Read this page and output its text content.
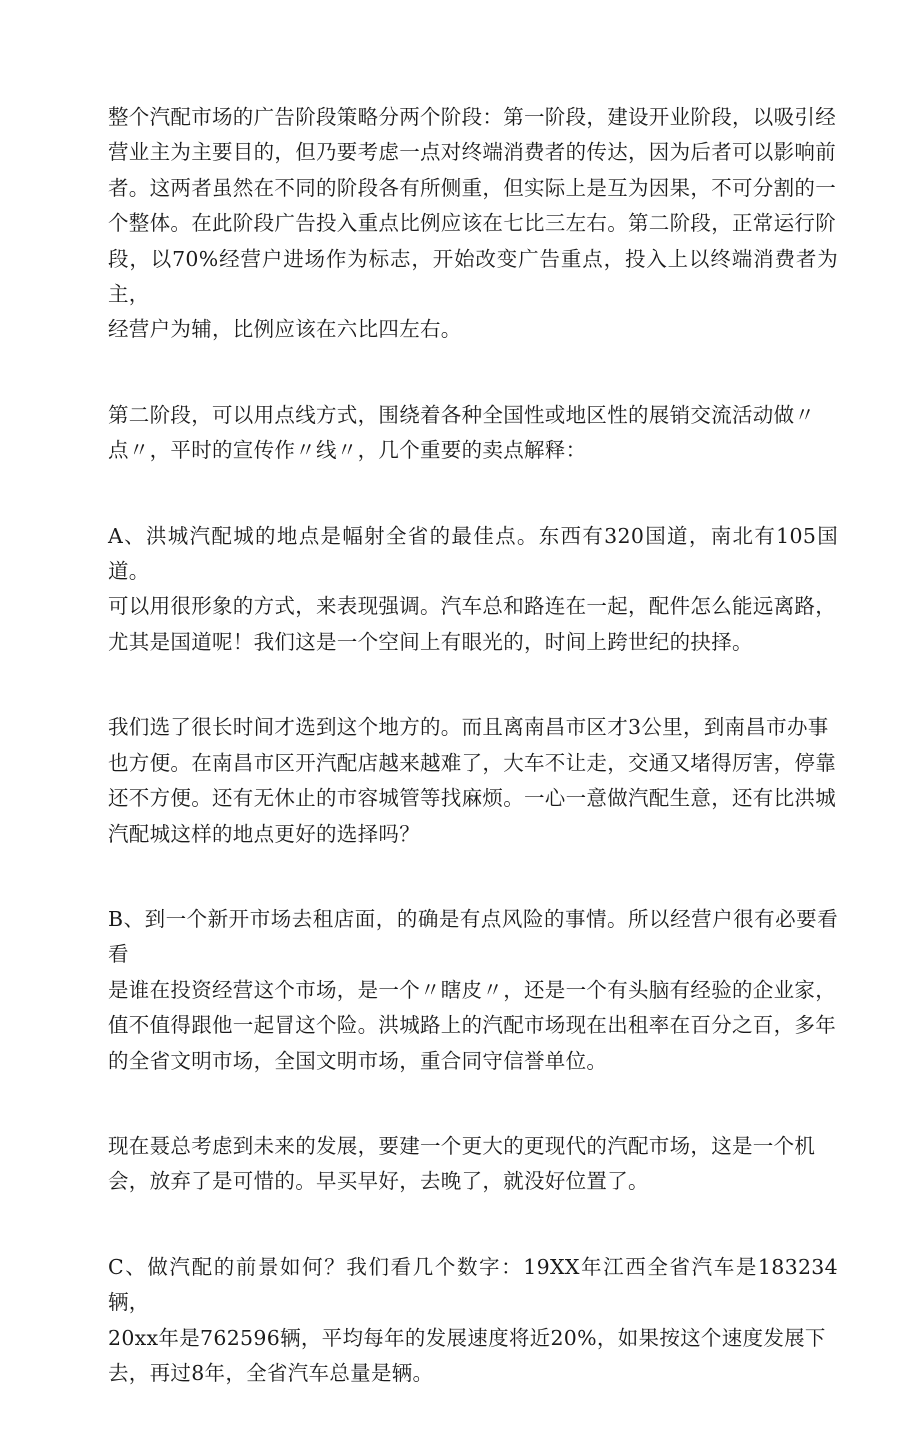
整个汽配市场的广告阶段策略分两个阶段：第一阶段，建设开业阶段，以吸引经
营业主为主要目的，但乃要考虑一点对终端消费者的传达，因为后者可以影响前
者。这两者虽然在不同的阶段各有所侧重，但实际上是互为因果，不可分割的一
个整体。在此阶段广告投入重点比例应该在七比三左右。第二阶段，正常运行阶
段，以70%经营户进场作为标志，开始改变广告重点，投入上以终端消费者为主，
经营户为辅，比例应该在六比四左右。

第二阶段，可以用点线方式，围绕着各种全国性或地区性的展销交流活动做〃
点〃，平时的宣传作〃线〃，几个重要的卖点解释：

A、洪城汽配城的地点是幅射全省的最佳点。东西有320国道，南北有105国道。
可以用很形象的方式，来表现强调。汽车总和路连在一起，配件怎么能远离路，
尤其是国道呢！我们这是一个空间上有眼光的，时间上跨世纪的抉择。

我们选了很长时间才选到这个地方的。而且离南昌市区才3公里，到南昌市办事
也方便。在南昌市区开汽配店越来越难了，大车不让走，交通又堵得厉害，停靠
还不方便。还有无休止的市容城管等找麻烦。一心一意做汽配生意，还有比洪城
汽配城这样的地点更好的选择吗？

B、到一个新开市场去租店面，的确是有点风险的事情。所以经营户很有必要看看
是谁在投资经营这个市场，是一个〃瞎皮〃，还是一个有头脑有经验的企业家，
值不值得跟他一起冒这个险。洪城路上的汽配市场现在出租率在百分之百，多年
的全省文明市场，全国文明市场，重合同守信誉单位。

现在聂总考虑到未来的发展，要建一个更大的更现代的汽配市场，这是一个机
会，放弃了是可惜的。早买早好，去晚了，就没好位置了。

C、做汽配的前景如何？我们看几个数字：19XX年江西全省汽车是183234辆，
20xx年是762596辆，平均每年的发展速度将近20%，如果按这个速度发展下
去，再过8年，全省汽车总量是辆。
